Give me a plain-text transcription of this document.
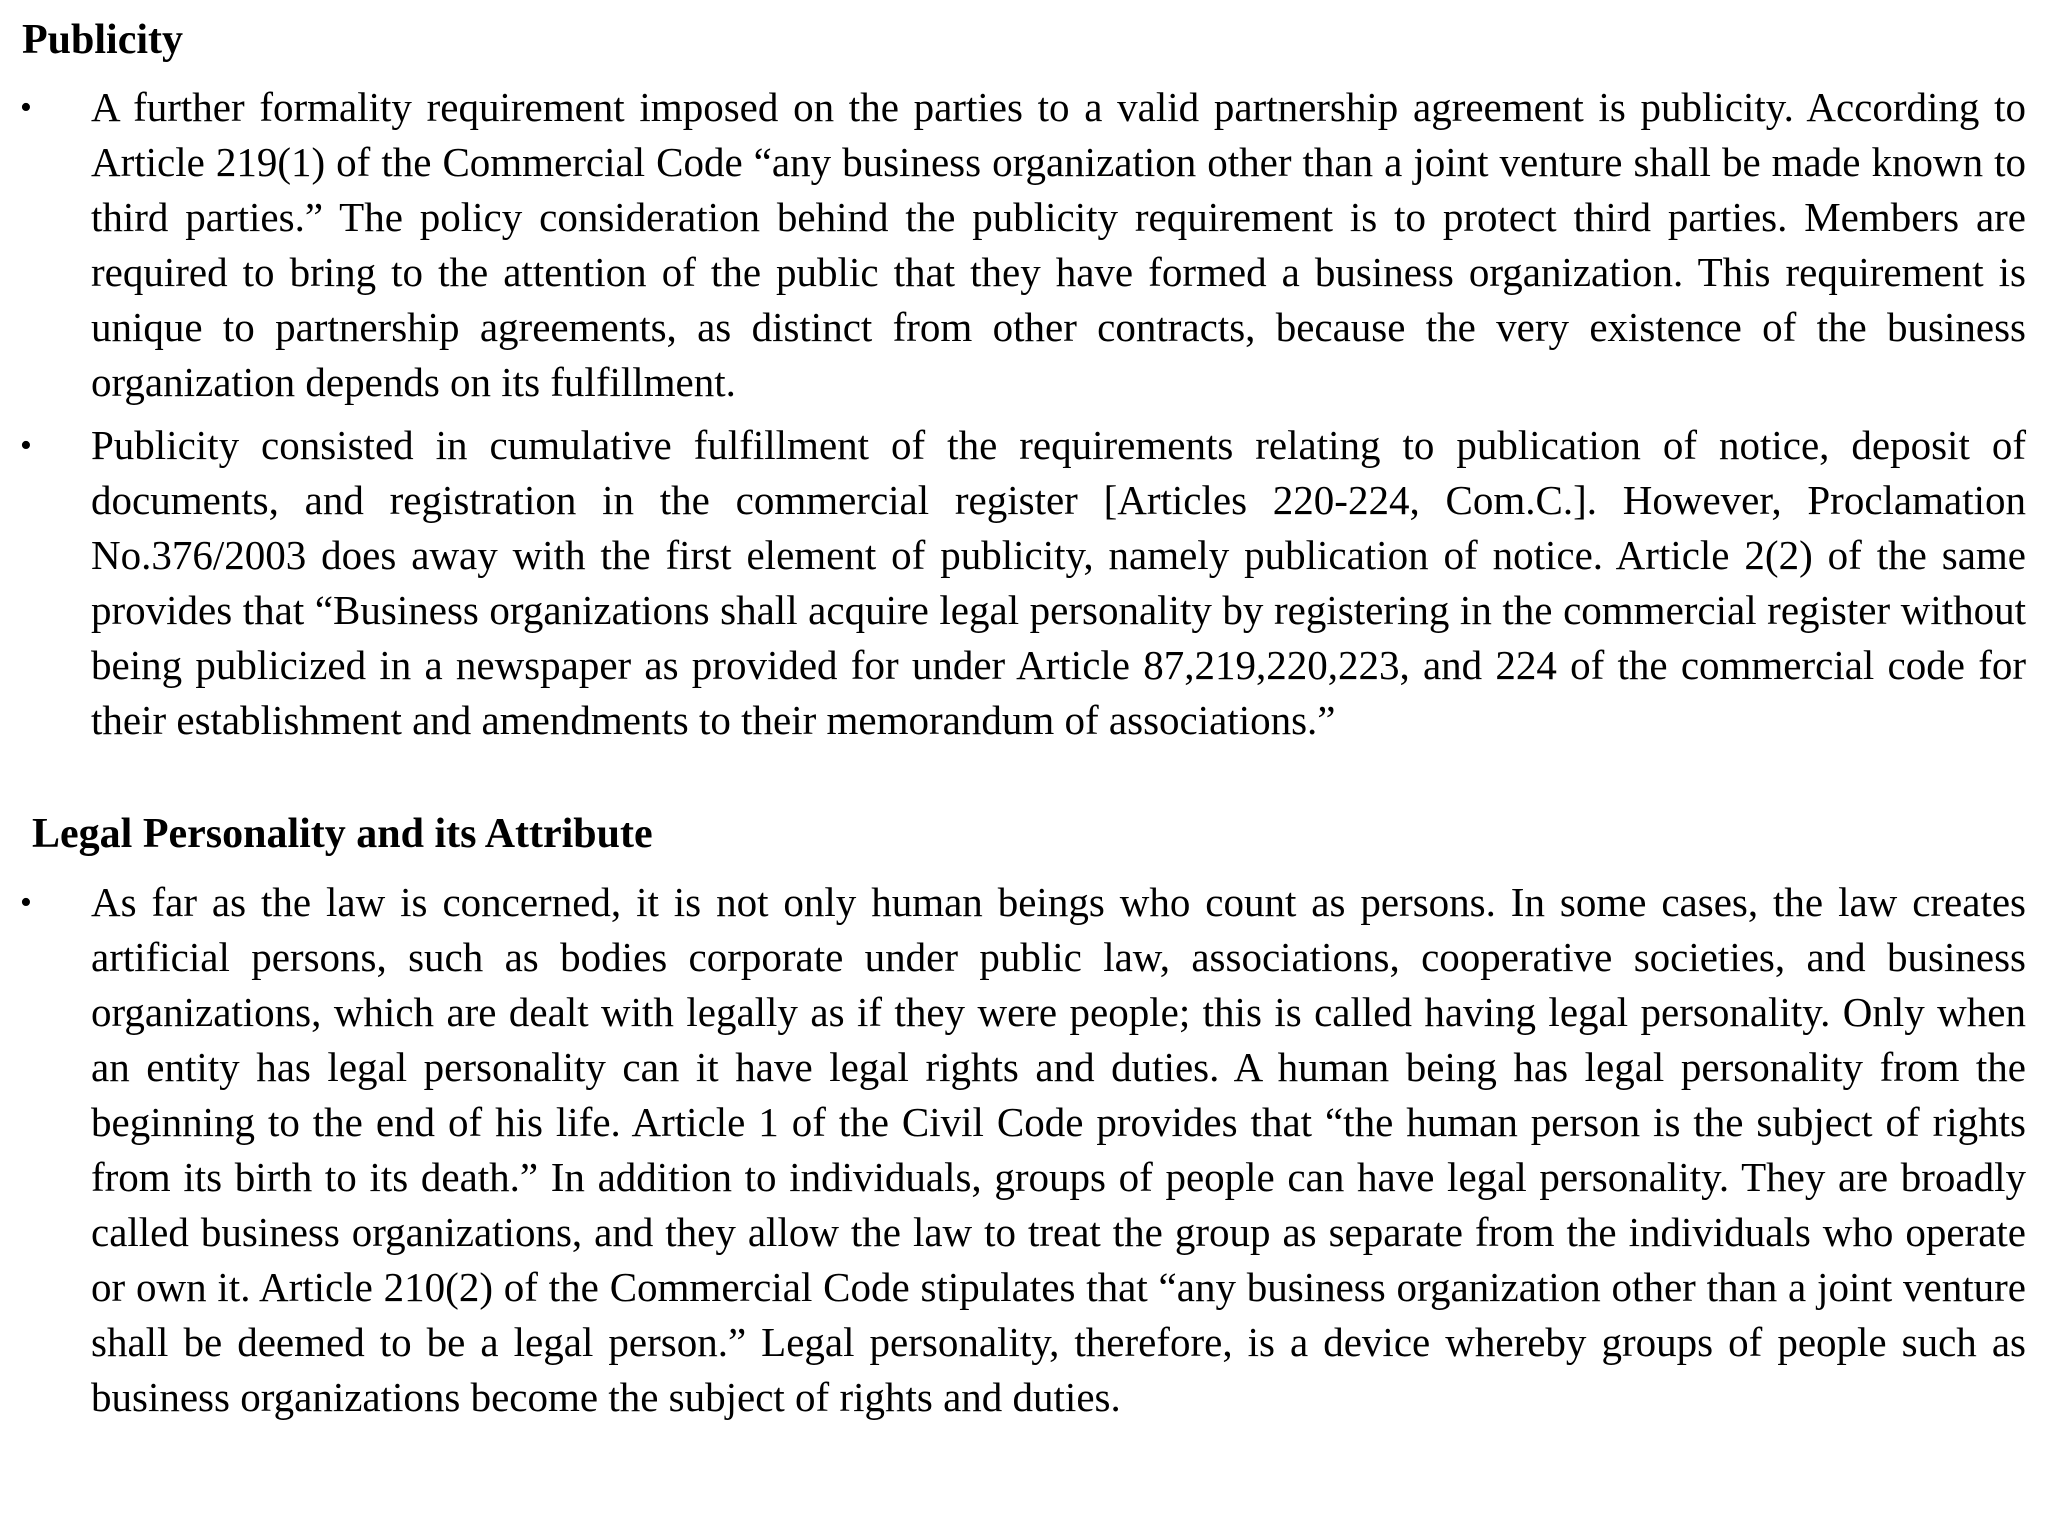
Publicity
• A further formality requirement imposed on the parties to a valid partnership agreement is publicity. According to Article 219(1) of the Commercial Code “any business organization other than a joint venture shall be made known to third parties.” The policy consideration behind the publicity requirement is to protect third parties. Members are required to bring to the attention of the public that they have formed a business organization. This requirement is unique to partnership agreements, as distinct from other contracts, because the very existence of the business organization depends on its fulfillment.

• Publicity consisted in cumulative fulfillment of the requirements relating to publication of notice, deposit of documents, and registration in the commercial register [Articles 220-224, Com.C.]. However, Proclamation No.376/2003 does away with the first element of publicity, namely publication of notice. Article 2(2) of the same provides that “Business organizations shall acquire legal personality by registering in the commercial register without being publicized in a newspaper as provided for under Article 87,219,220,223, and 224 of the commercial code for their establishment and amendments to their memorandum of associations.”

Legal Personality and its Attribute
• As far as the law is concerned, it is not only human beings who count as persons. In some cases, the law creates artificial persons, such as bodies corporate under public law, associations, cooperative societies, and business organizations, which are dealt with legally as if they were people; this is called having legal personality. Only when an entity has legal personality can it have legal rights and duties. A human being has legal personality from the beginning to the end of his life. Article 1 of the Civil Code provides that “the human person is the subject of rights from its birth to its death.” In addition to individuals, groups of people can have legal personality. They are broadly called business organizations, and they allow the law to treat the group as separate from the individuals who operate or own it. Article 210(2) of the Commercial Code stipulates that “any business organization other than a joint venture shall be deemed to be a legal person.” Legal personality, therefore, is a device whereby groups of people such as business organizations become the subject of rights and duties.
